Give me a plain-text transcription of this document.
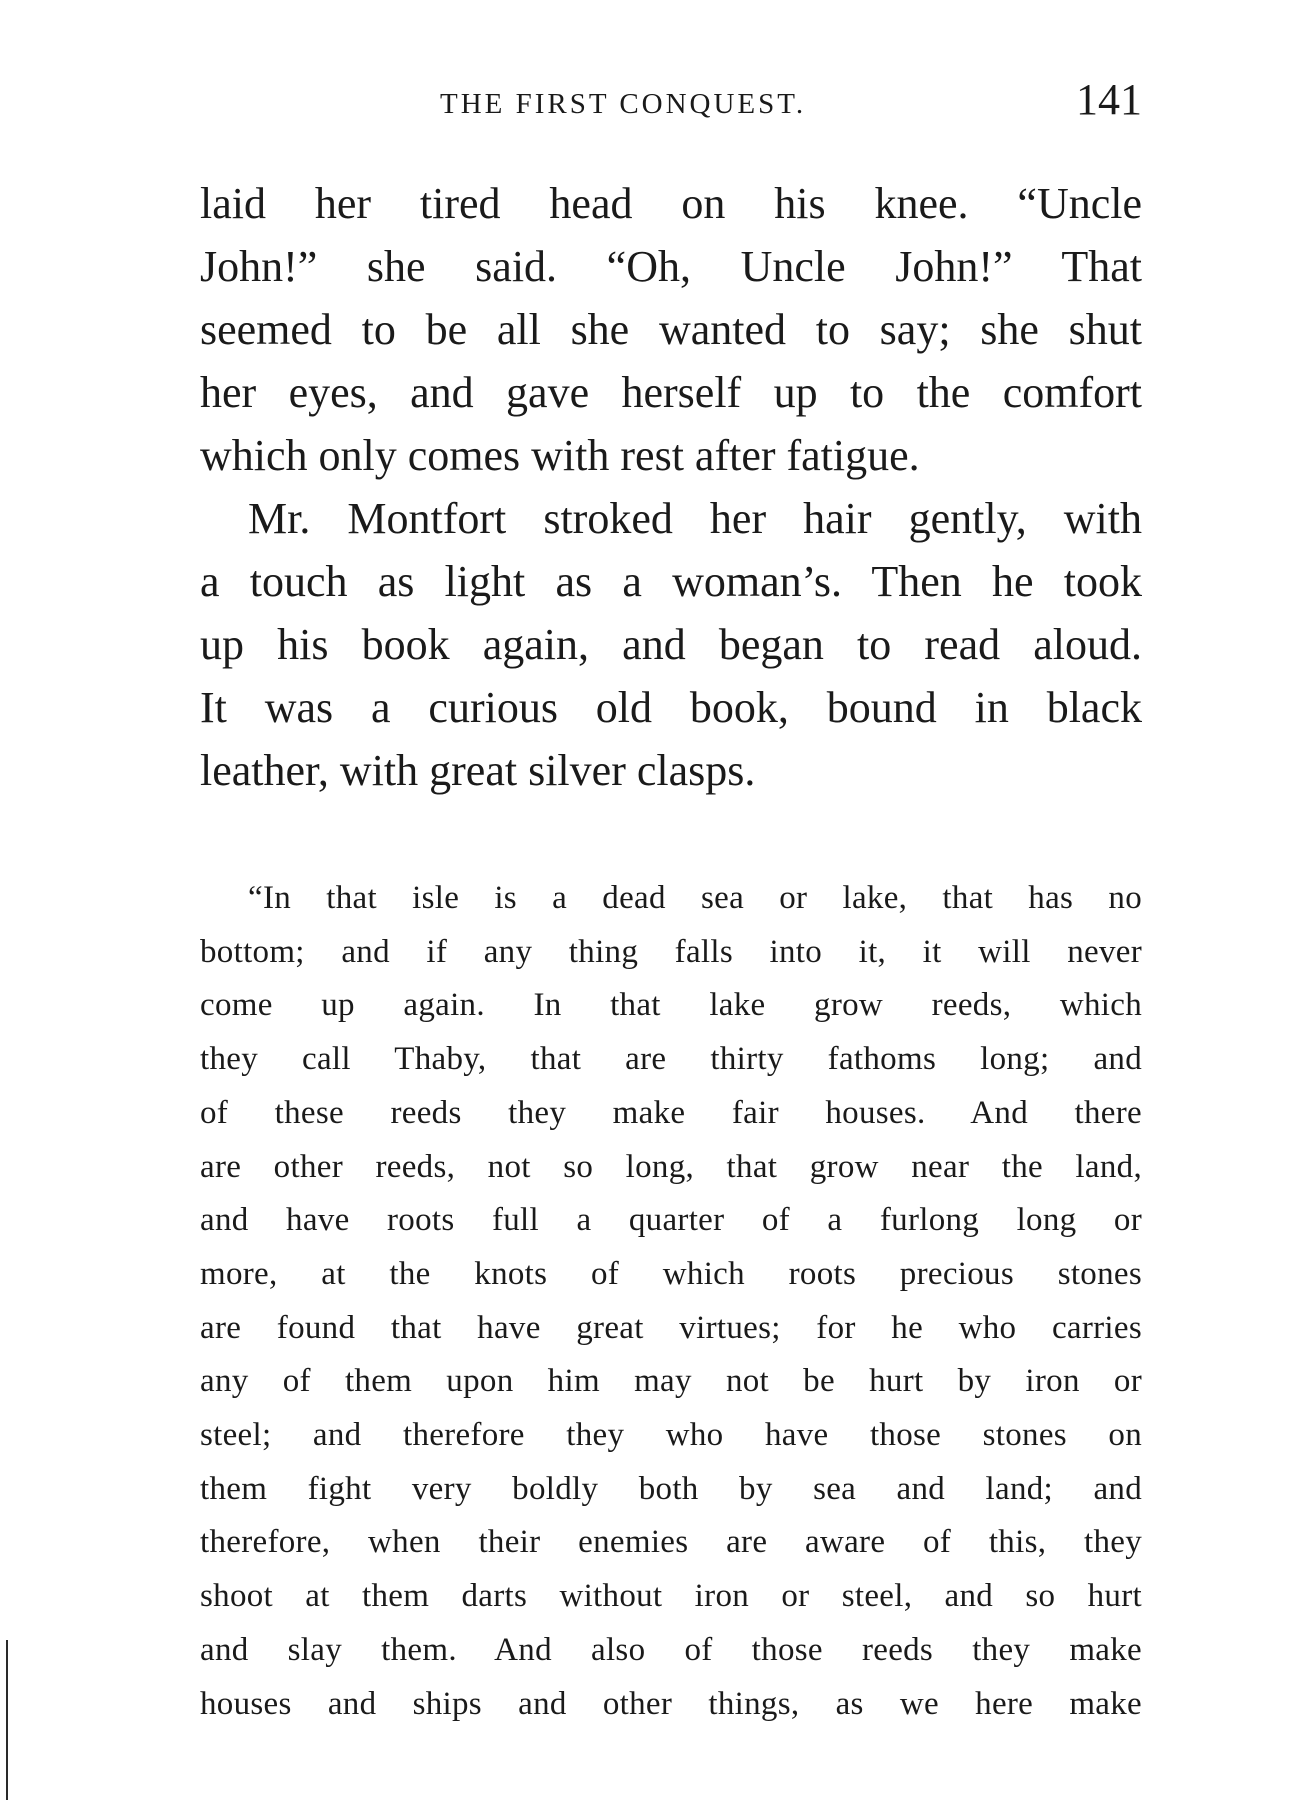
THE FIRST CONQUEST.	141

laid her tired head on his knee. “Uncle
John!” she said. “Oh, Uncle John!” That
seemed to be all she wanted to say; she shut
her eyes, and gave herself up to the comfort
which only comes with rest after fatigue.

Mr. Montfort stroked her hair gently, with
a touch as light as a woman’s. Then he took
up his book again, and began to read aloud.
It was a curious old book, bound in black
leather, with great silver clasps.

“In that isle is a dead sea or lake, that has no
bottom; and if any thing falls into it, it will never
come up again. In that lake grow reeds, which
they call Thaby, that are thirty fathoms long; and
of these reeds they make fair houses. And there
are other reeds, not so long, that grow near the land,
and have roots full a quarter of a furlong long or
more, at the knots of which roots precious stones
are found that have great virtues; for he who carries
any of them upon him may not be hurt by iron or
steel; and therefore they who have those stones on
them fight very boldly both by sea and land; and
therefore, when their enemies are aware of this, they
shoot at them darts without iron or steel, and so hurt
and slay them. And also of those reeds they make
houses and ships and other things, as we here make
